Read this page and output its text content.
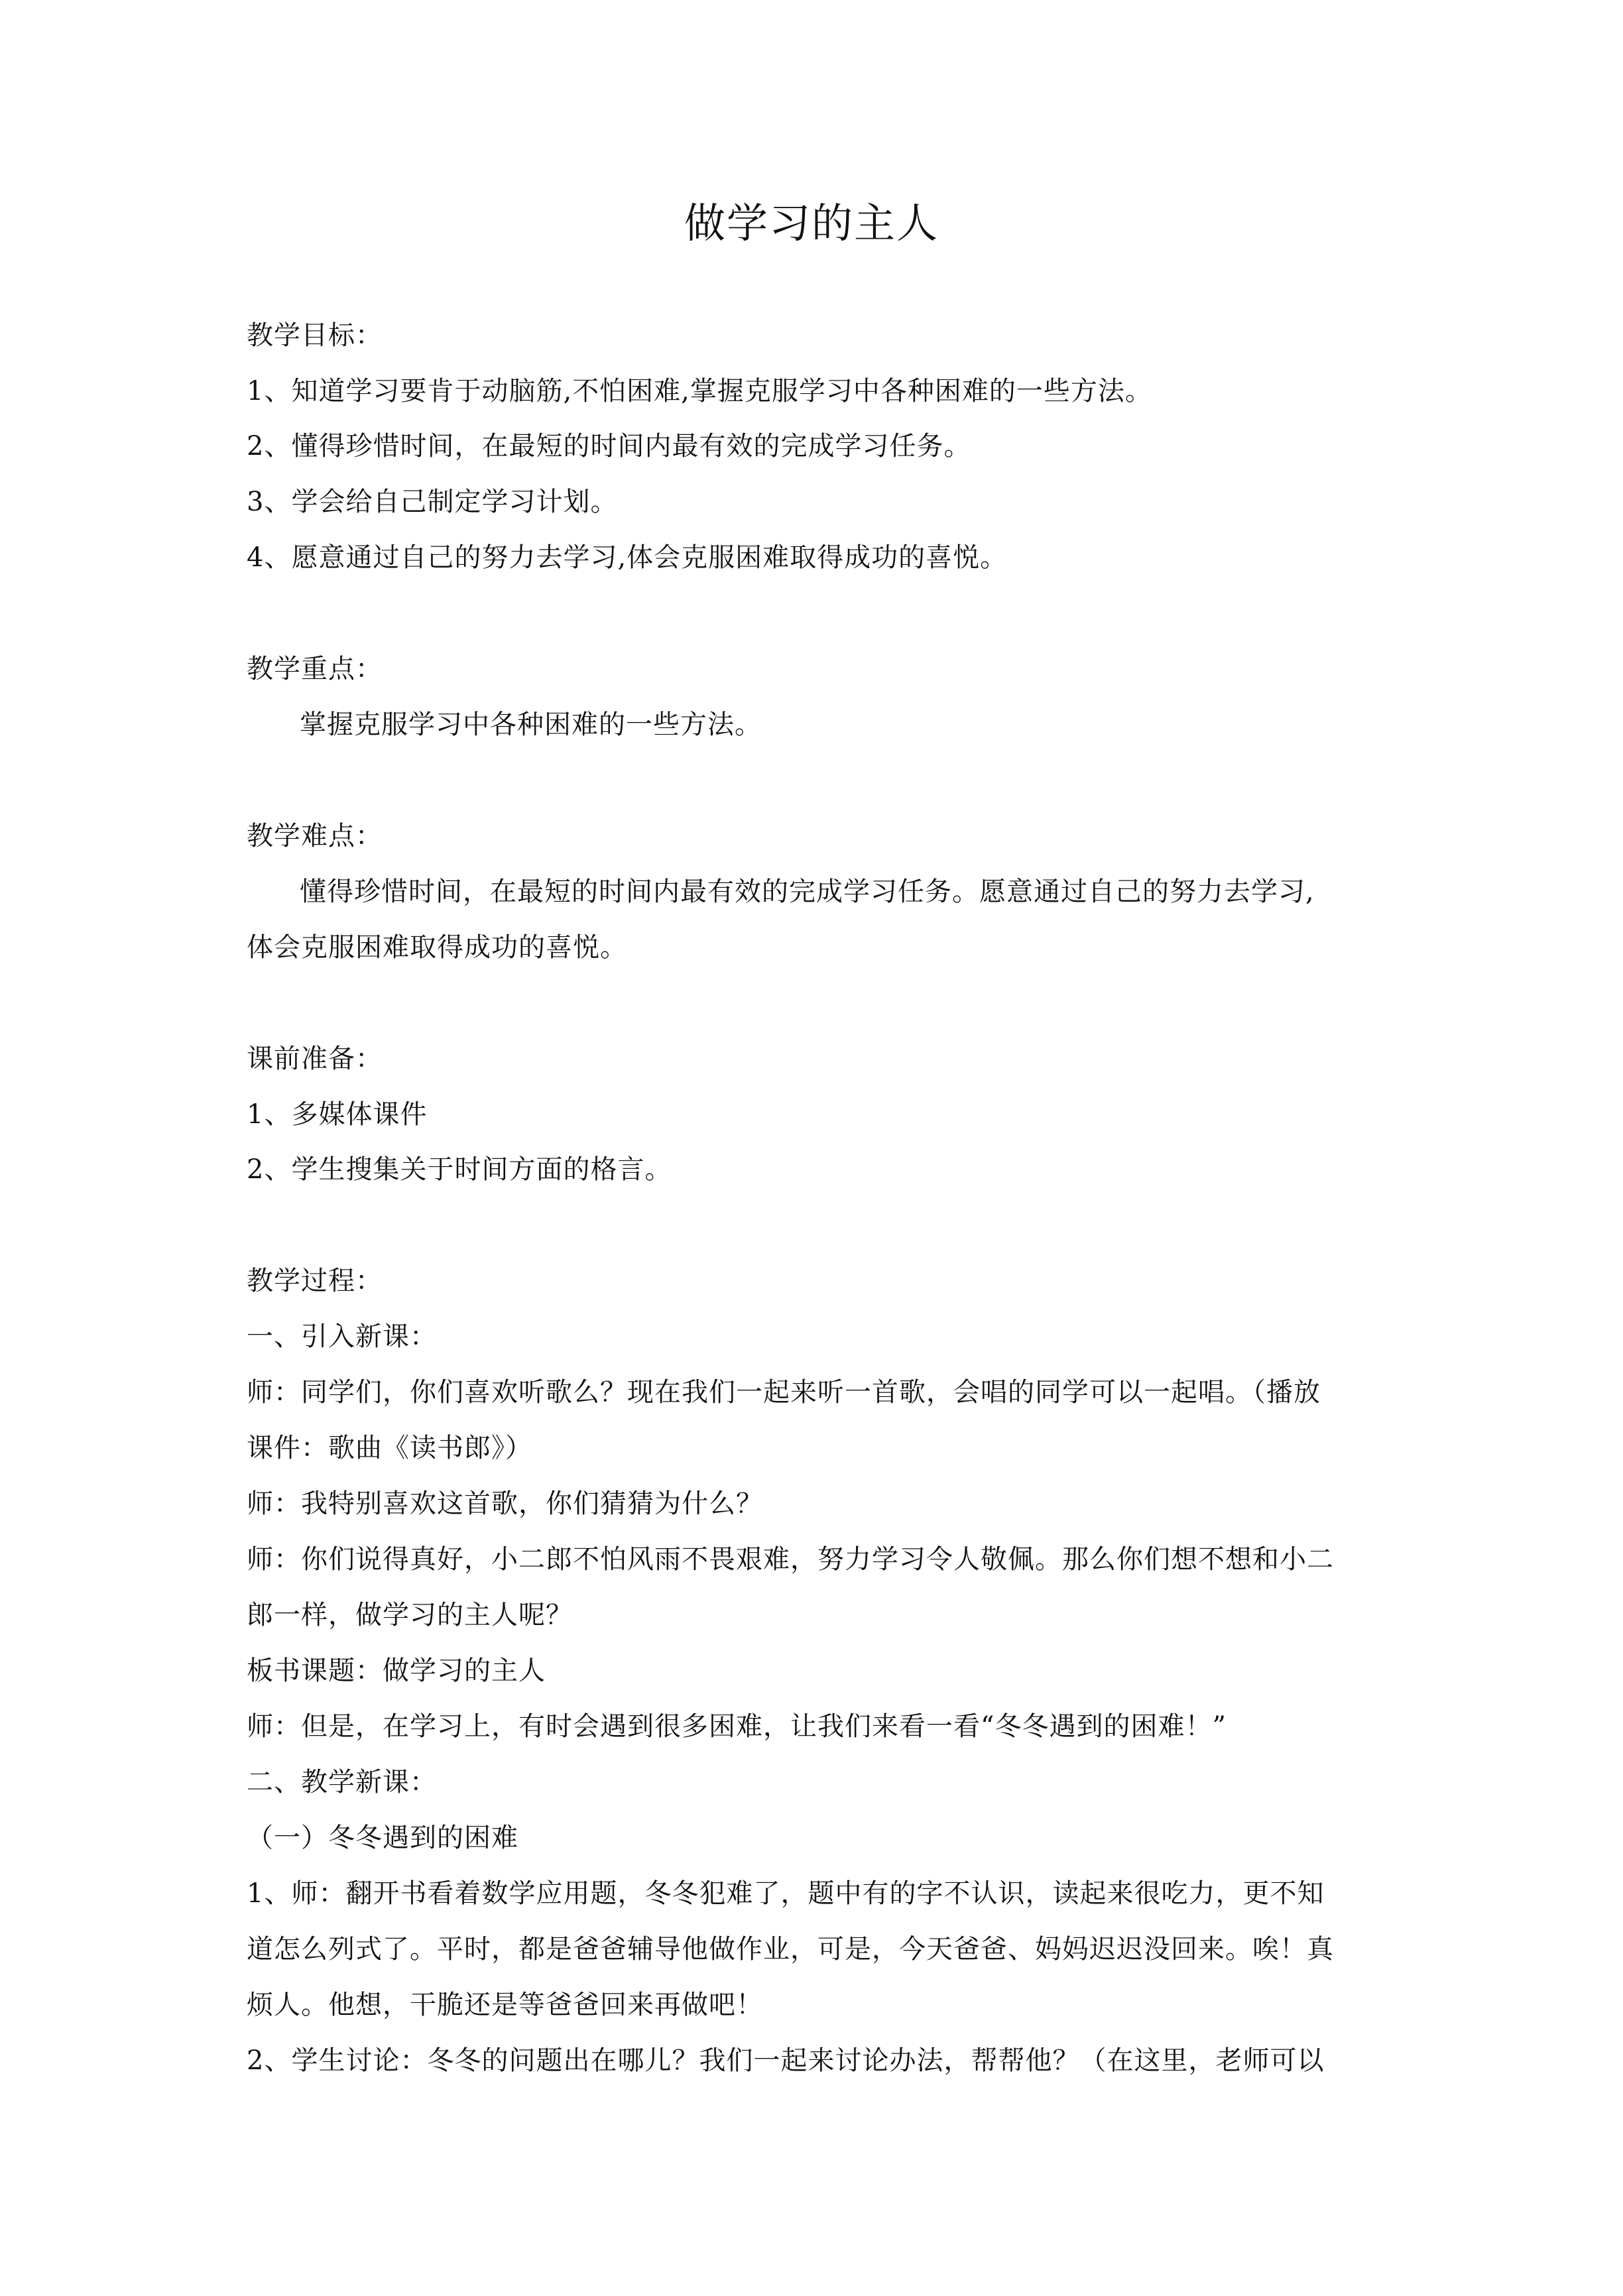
做学习的主人
教学目标：
1、知道学习要肯于动脑筋,不怕困难,掌握克服学习中各种困难的一些方法。
2、懂得珍惜时间，在最短的时间内最有效的完成学习任务。
3、学会给自己制定学习计划。
4、愿意通过自己的努力去学习,体会克服困难取得成功的喜悦。
教学重点：
掌握克服学习中各种困难的一些方法。
教学难点：
懂得珍惜时间，在最短的时间内最有效的完成学习任务。愿意通过自己的努力去学习,
体会克服困难取得成功的喜悦。
课前准备：
1、多媒体课件
2、学生搜集关于时间方面的格言。
教学过程：
一、引入新课：
师：同学们，你们喜欢听歌么？现在我们一起来听一首歌，会唱的同学可以一起唱。（播放
课件：歌曲《读书郎》）
师：我特别喜欢这首歌，你们猜猜为什么？
师：你们说得真好，小二郎不怕风雨不畏艰难，努力学习令人敬佩。那么你们想不想和小二
郎一样，做学习的主人呢？
板书课题：做学习的主人
师：但是，在学习上，有时会遇到很多困难，让我们来看一看“冬冬遇到的困难！”
二、教学新课：
（一）冬冬遇到的困难
1、师：翻开书看着数学应用题，冬冬犯难了，题中有的字不认识，读起来很吃力，更不知
道怎么列式了。平时，都是爸爸辅导他做作业，可是，今天爸爸、妈妈迟迟没回来。唉！真
烦人。他想，干脆还是等爸爸回来再做吧！
2、学生讨论：冬冬的问题出在哪儿？我们一起来讨论办法，帮帮他？（在这里，老师可以
